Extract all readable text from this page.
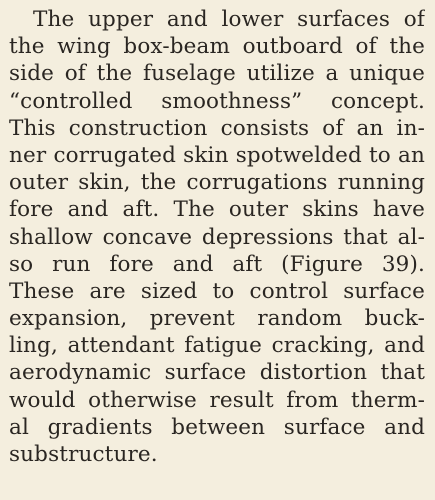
The upper and lower surfaces of
the wing box-beam outboard of the
side of the fuselage utilize a unique
“controlled smoothness” concept.
This construction consists of an in-
ner corrugated skin spotwelded to an
outer skin, the corrugations running
fore and aft. The outer skins have
shallow concave depressions that al-
so run fore and aft (Figure 39).
These are sized to control surface
expansion, prevent random buck-
ling, attendant fatigue cracking, and
aerodynamic surface distortion that
would otherwise result from therm-
al gradients between surface and
substructure.
